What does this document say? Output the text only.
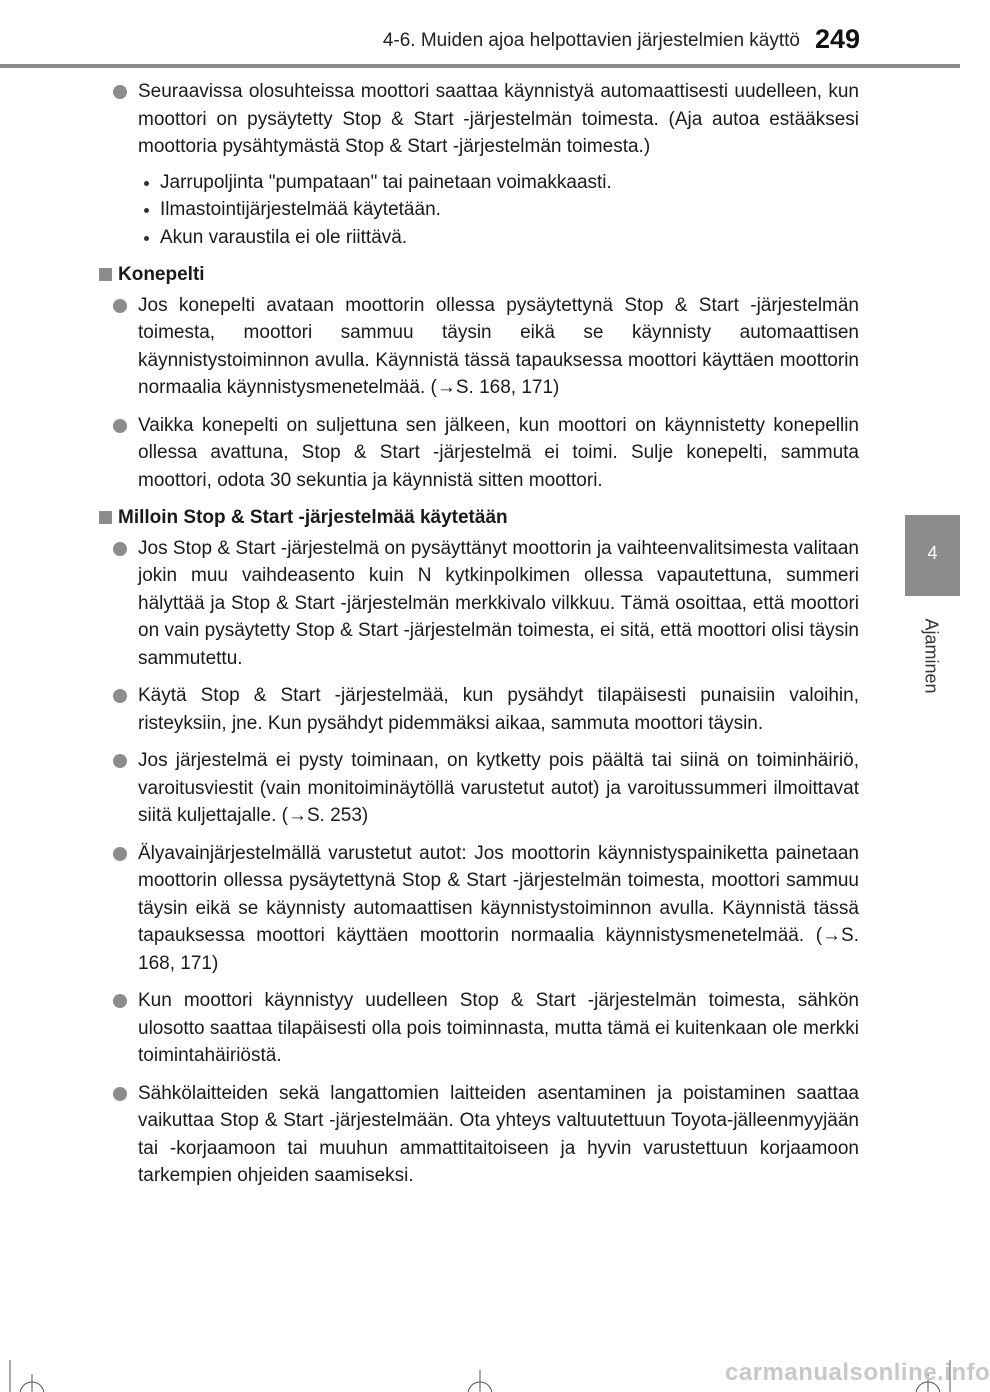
4-6. Muiden ajoa helpottavien järjestelmien käyttö 249
4
Ajaminen
Seuraavissa olosuhteissa moottori saattaa käynnistyä automaattisesti uudelleen, kun moottori on pysäytetty Stop & Start -järjestelmän toimesta. (Aja autoa estääksesi moottoria pysähtymästä Stop & Start -järjestelmän toimesta.)
Jarrupoljinta "pumpataan" tai painetaan voimakkaasti.
Ilmastointijärjestelmää käytetään.
Akun varaustila ei ole riittävä.
Konepelti
Jos konepelti avataan moottorin ollessa pysäytettynä Stop & Start -järjestelmän toimesta, moottori sammuu täysin eikä se käynnisty automaattisen käynnistystoiminnon avulla. Käynnistä tässä tapauksessa moottori käyttäen moottorin normaalia käynnistysmenetelmää. (→S. 168, 171)
Vaikka konepelti on suljettuna sen jälkeen, kun moottori on käynnistetty konepellin ollessa avattuna, Stop & Start -järjestelmä ei toimi. Sulje konepelti, sammuta moottori, odota 30 sekuntia ja käynnistä sitten moottori.
Milloin Stop & Start -järjestelmää käytetään
Jos Stop & Start -järjestelmä on pysäyttänyt moottorin ja vaihteenvalitsimesta valitaan jokin muu vaihdeasento kuin N kytkinpolkimen ollessa vapautettuna, summeri hälyttää ja Stop & Start -järjestelmän merkkivalo vilkkuu. Tämä osoittaa, että moottori on vain pysäytetty Stop & Start -järjestelmän toimesta, ei sitä, että moottori olisi täysin sammutettu.
Käytä Stop & Start -järjestelmää, kun pysähdyt tilapäisesti punaisiin valoihin, risteyksiin, jne. Kun pysähdyt pidemmäksi aikaa, sammuta moottori täysin.
Jos järjestelmä ei pysty toiminaan, on kytketty pois päältä tai siinä on toiminhäiriö, varoitusviestit (vain monitoiminäytöllä varustetut autot) ja varoitussummeri ilmoittavat siitä kuljettajalle. (→S. 253)
Älyavainjärjestelmällä varustetut autot: Jos moottorin käynnistyspainiketta painetaan moottorin ollessa pysäytettynä Stop & Start -järjestelmän toimesta, moottori sammuu täysin eikä se käynnisty automaattisen käynnistystoiminnon avulla. Käynnistä tässä tapauksessa moottori käyttäen moottorin normaalia käynnistysmenetelmää. (→S. 168, 171)
Kun moottori käynnistyy uudelleen Stop & Start -järjestelmän toimesta, sähkön ulosotto saattaa tilapäisesti olla pois toiminnasta, mutta tämä ei kuitenkaan ole merkki toimintahäiriöstä.
Sähkölaitteiden sekä langattomien laitteiden asentaminen ja poistaminen saattaa vaikuttaa Stop & Start -järjestelmään. Ota yhteys valtuutettuun Toyota-jälleenmyyjään tai -korjaamoon tai muuhun ammattitaitoiseen ja hyvin varustettuun korjaamoon tarkempien ohjeiden saamiseksi.
carmanualsonline.info
